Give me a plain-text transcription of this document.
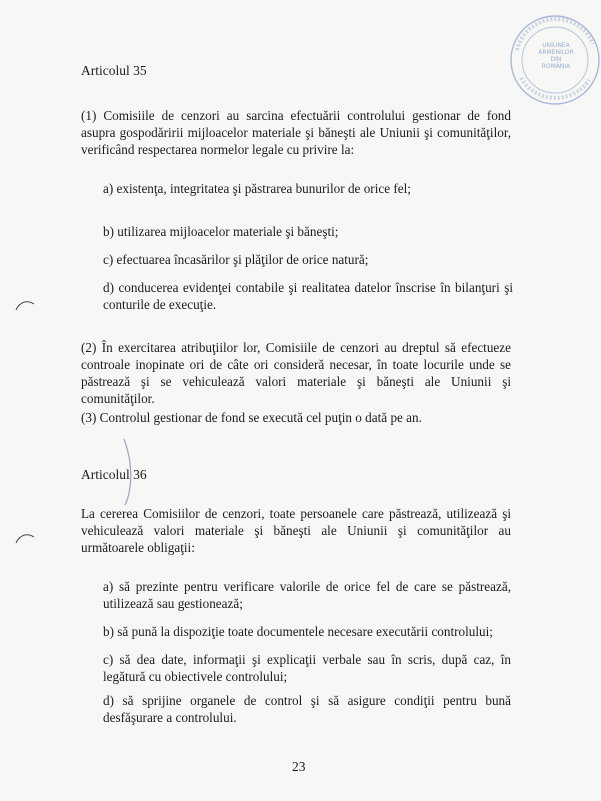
Articolul 35

(1) Comisiile de cenzori au sarcina efectuării controlului gestionar de fond asupra gospodăririi mijloacelor materiale şi băneşti ale Uniunii şi comunităţilor, verificând respectarea normelor legale cu privire la:

a) existenţa, integritatea şi păstrarea bunurilor de orice fel;

b) utilizarea mijloacelor materiale şi băneşti;

c) efectuarea încasărilor şi plăţilor de orice natură;

d) conducerea evidenţei contabile şi realitatea datelor înscrise în bilanţuri şi conturile de execuţie.

(2) În exercitarea atribuţiilor lor, Comisiile de cenzori au dreptul să efectueze controale inopinate ori de câte ori consideră necesar, în toate locurile unde se păstrează şi se vehiculează valori materiale şi băneşti ale Uniunii şi comunităţilor.

(3) Controlul gestionar de fond se execută cel puţin o dată pe an.

Articolul 36

La cererea Comisiilor de cenzori, toate persoanele care păstrează, utilizează şi vehiculează valori materiale şi băneşti ale Uniunii şi comunităţilor au următoarele obligaţii:

a) să prezinte pentru verificare valorile de orice fel de care se păstrează, utilizează sau gestionează;

b) să pună la dispoziţie toate documentele necesare executării controlului;

c) să dea date, informaţii şi explicaţii verbale sau în scris, după caz, în legătură cu obiectivele controlului;

d) să sprijine organele de control şi să asigure condiţii pentru bună desfăşurare a controlului.

23

UNIUNEA
ARMENILOR
DIN
ROMÂNIA
